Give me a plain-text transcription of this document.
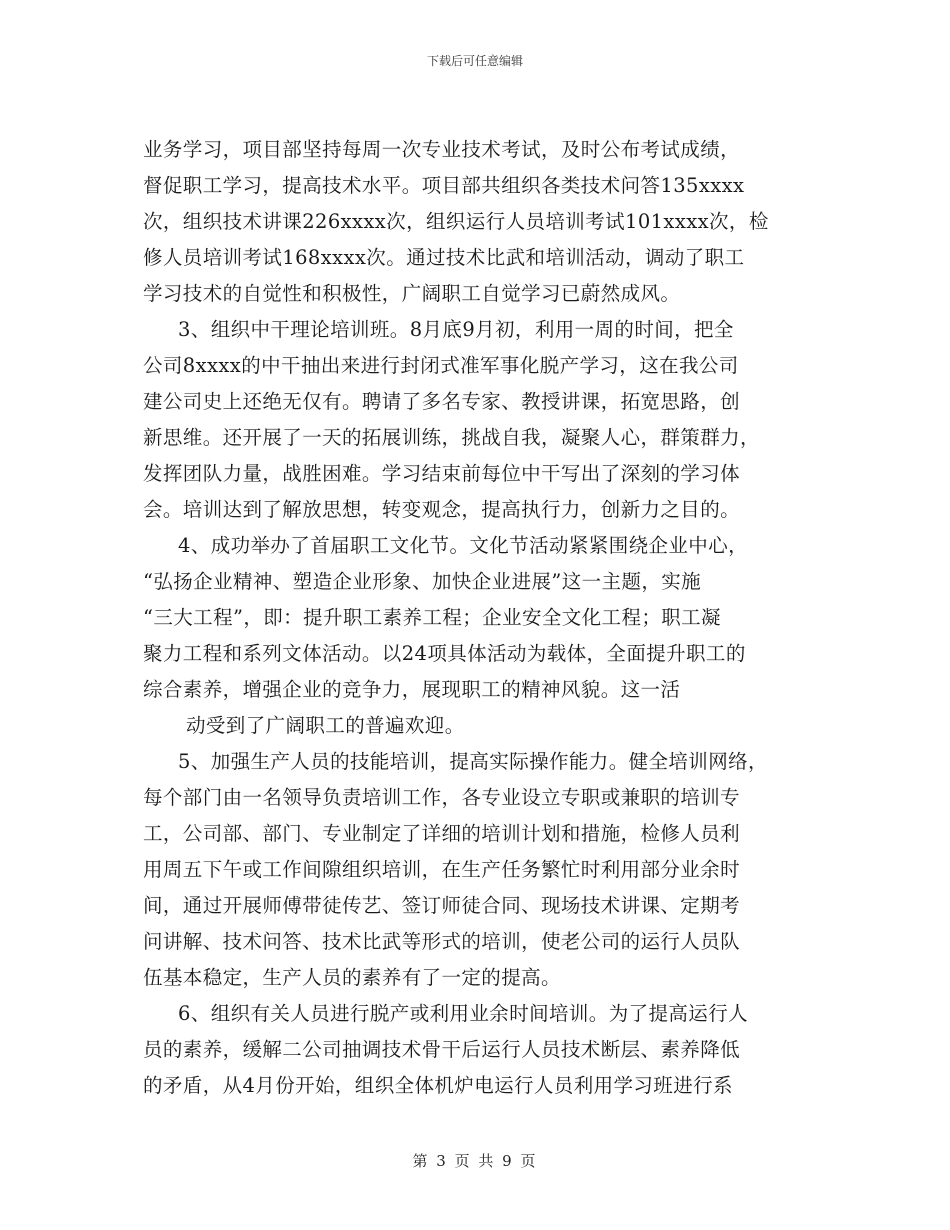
下载后可任意编辑
业务学习，项目部坚持每周一次专业技术考试，及时公布考试成绩，
督促职工学习，提高技术水平。项目部共组织各类技术问答135xxxx
次，组织技术讲课226xxxx次，组织运行人员培训考试101xxxx次，检
修人员培训考试168xxxx次。通过技术比武和培训活动，调动了职工
学习技术的自觉性和积极性，广阔职工自觉学习已蔚然成风。
3、组织中干理论培训班。8月底9月初，利用一周的时间，把全
公司8xxxx的中干抽出来进行封闭式准军事化脱产学习，这在我公司
建公司史上还绝无仅有。聘请了多名专家、教授讲课，拓宽思路，创
新思维。还开展了一天的拓展训练，挑战自我，凝聚人心，群策群力，
发挥团队力量，战胜困难。学习结束前每位中干写出了深刻的学习体
会。培训达到了解放思想，转变观念，提高执行力，创新力之目的。
4、成功举办了首届职工文化节。文化节活动紧紧围绕企业中心，
“弘扬企业精神、塑造企业形象、加快企业进展”这一主题，实施
“三大工程”，即：提升职工素养工程；企业安全文化工程；职工凝
聚力工程和系列文体活动。以24项具体活动为载体，全面提升职工的
综合素养，增强企业的竞争力，展现职工的精神风貌。这一活
动受到了广阔职工的普遍欢迎。
5、加强生产人员的技能培训，提高实际操作能力。健全培训网络，
每个部门由一名领导负责培训工作，各专业设立专职或兼职的培训专
工，公司部、部门、专业制定了详细的培训计划和措施，检修人员利
用周五下午或工作间隙组织培训，在生产任务繁忙时利用部分业余时
间，通过开展师傅带徒传艺、签订师徒合同、现场技术讲课、定期考
问讲解、技术问答、技术比武等形式的培训，使老公司的运行人员队
伍基本稳定，生产人员的素养有了一定的提高。
6、组织有关人员进行脱产或利用业余时间培训。为了提高运行人
员的素养，缓解二公司抽调技术骨干后运行人员技术断层、素养降低
的矛盾，从4月份开始，组织全体机炉电运行人员利用学习班进行系
第 3 页 共 9 页
